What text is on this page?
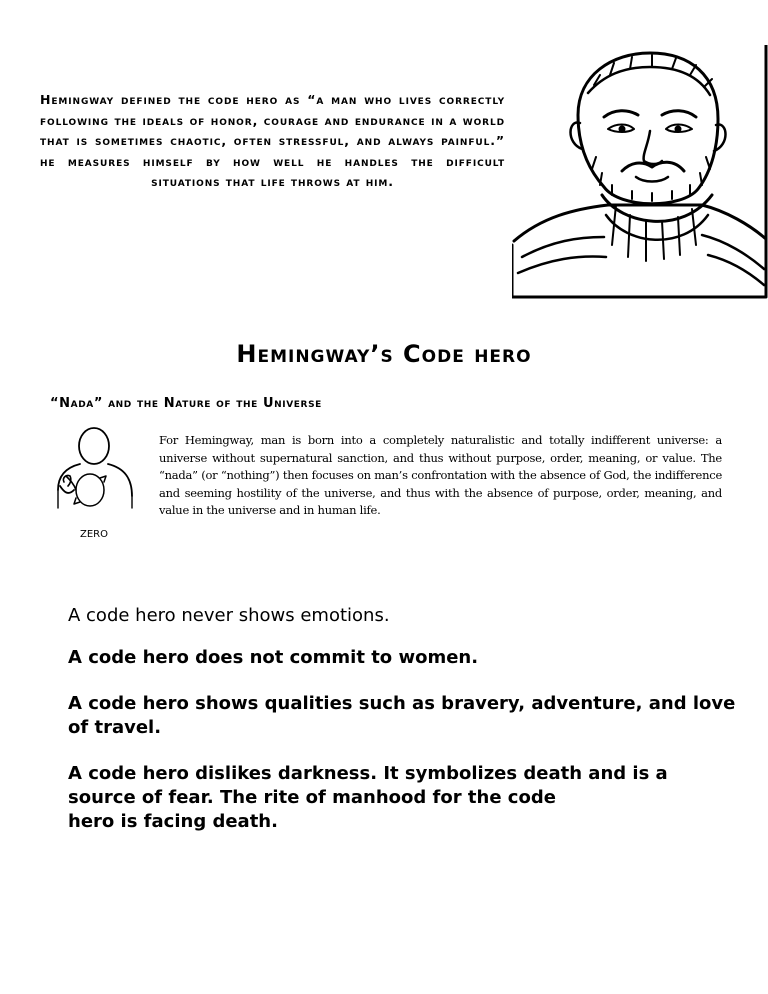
Hemingway defined the code hero as “a man who lives correctly following the ideals of honor, courage and endurance in a world that is sometimes chaotic, often stressful, and always painful.” he measures himself by how well he handles the difficult situations that life throws at him.
Hemingway’s Code hero
“Nada” and the Nature of the Universe
ZERO
For Hemingway, man is born into a completely naturalistic and totally indifferent universe: a universe without supernatural sanction, and thus without purpose, order, meaning, or value. The “nada” (or “nothing”) then focuses on man’s confrontation with the absence of God, the indifference and seeming hostility of the universe, and thus with the absence of purpose, order, meaning, and value in the universe and in human life.
A code hero never shows emotions.
A code hero does not commit to women.
A code hero shows qualities such as bravery, adventure, and love of travel.
A code hero dislikes darkness. It symbolizes death and is a
source of fear. The rite of manhood for the code
hero is facing death.
